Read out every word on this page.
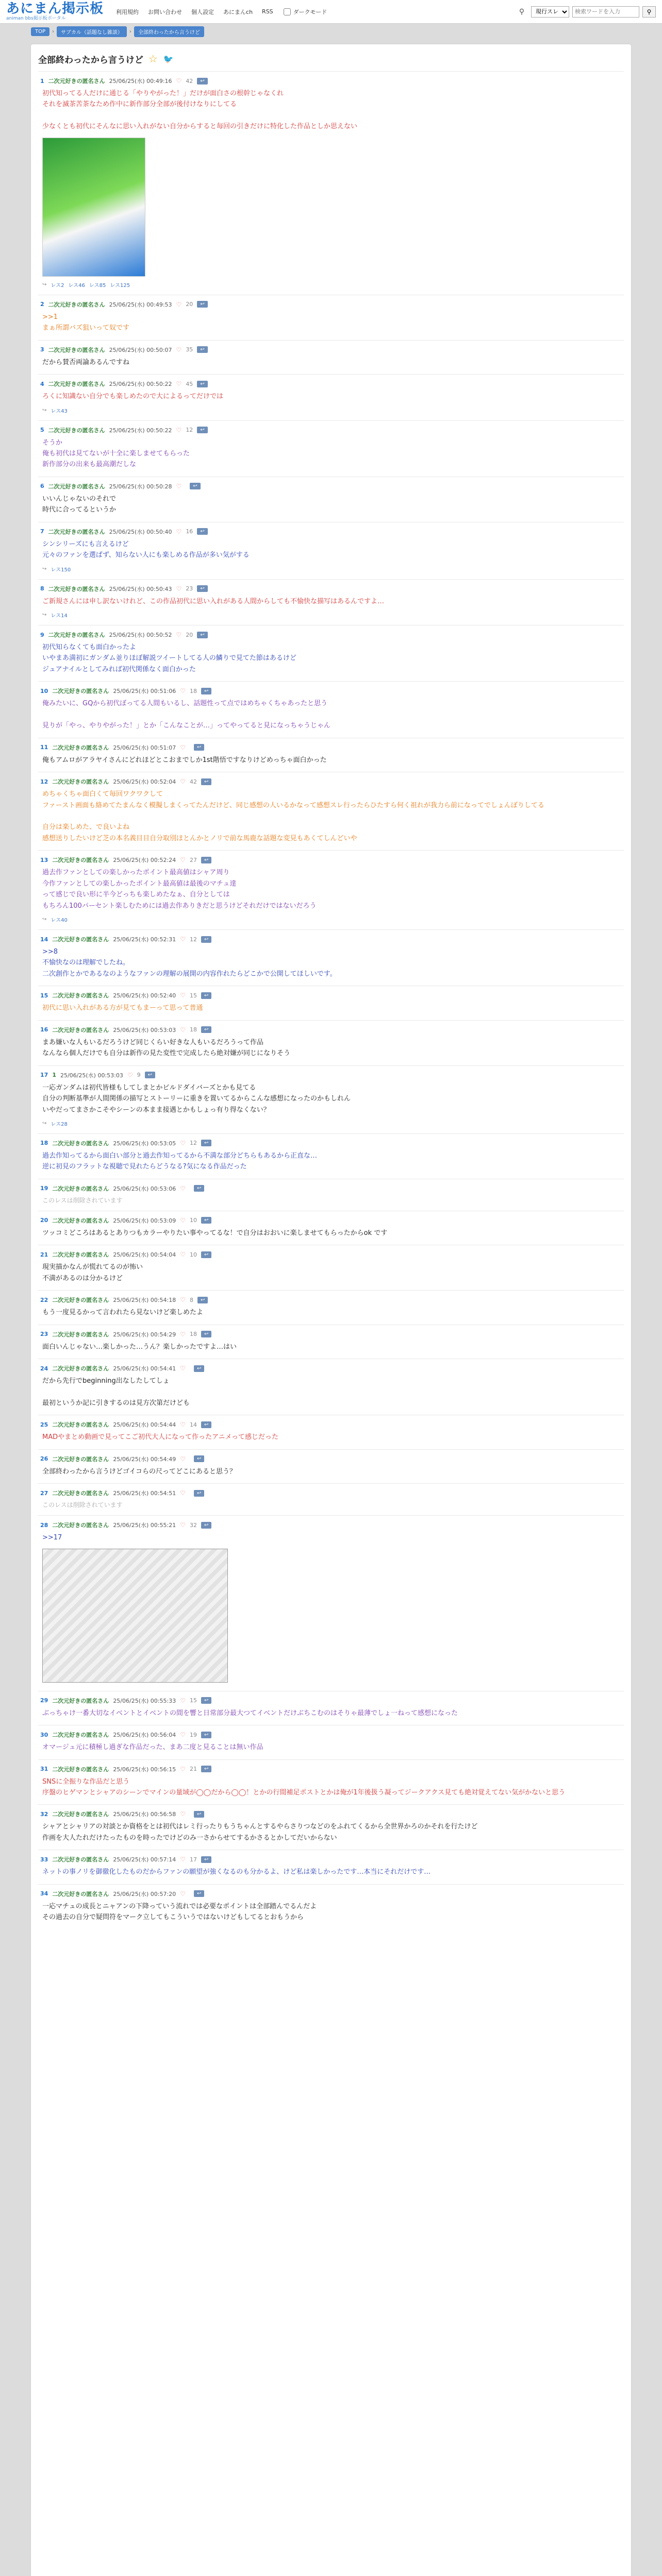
あにまん掲示板
animan bbs掲示板ポータル
利用規約	お問い合わせ	個人設定	あにまんch	RSS	ダークモード	⚲
現行スレ
検索ワードを入力	⚲
TOP	›	サブカル（話題なし雑談）	›	全部終わったから言うけど
全部終わったから言うけど ☆ 🐦
1 二次元好きの匿名さん 25/06/25(水) 00:49:16 ♡ 42	↩
初代知ってる人だけに通じる「やりやがった！」だけが面白さの根幹じゃなくれ
それを滅茶苦茶なため作中に新作部分全部が後付けなりにしてる

少なくとも初代にそんなに思い入れがない自分からすると毎回の引きだけに特化した作品としか思えない
↪ レス2 レス46 レス85 レス125
2 二次元好きの匿名さん 25/06/25(水) 00:49:53 ♡ 20	↩
>>1
まぁ所謂バズ狙いって奴です
3 二次元好きの匿名さん 25/06/25(水) 00:50:07 ♡ 35	↩
だから賛否両論あるんですね
4 二次元好きの匿名さん 25/06/25(水) 00:50:22 ♡ 45	↩
ろくに知識ない自分でも楽しめたので大によるってだけでは
↪ レス43
5 二次元好きの匿名さん 25/06/25(水) 00:50:22 ♡ 12	↩
そうか
俺も初代は見てないが十全に楽しませてもらった
新作部分の出来も最高潮だしな
6 二次元好きの匿名さん 25/06/25(水) 00:50:28 ♡	↩
いいんじゃないのそれで
時代に合ってるというか
7 二次元好きの匿名さん 25/06/25(水) 00:50:40 ♡ 16	↩
シンシリーズにも言えるけど
元々のファンを選ばず、知らない人にも楽しめる作品が多い気がする
↪ レス150
8 二次元好きの匿名さん 25/06/25(水) 00:50:43 ♡ 23	↩
ご新規さんには申し訳ないけれど、この作品初代に思い入れがある人間からしても不愉快な描写はあるんですよ…
↪ レス14
9 二次元好きの匿名さん 25/06/25(水) 00:50:52 ♡ 20	↩
初代知らなくても面白かったよ
いやまあ満初にガンダム並りほぼ解説ツイートしてる人の鱗りで見てた節はあるけど
ジュアナイルとしてみれば初代関係なく面白かった
10 二次元好きの匿名さん 25/06/25(水) 00:51:06 ♡ 18	↩
俺みたいに、GQから初代ぼってる人間もいるし、話題性って点ではめちゃくちゃあったと思う

見りが「やっ、やりやがった！」とか「こんなことが…」ってやってると見になっちゃうじゃん
11 二次元好きの匿名さん 25/06/25(水) 00:51:07 ♡	↩
俺もアムロがアラヤイさんにどれほどとこおまでしか1st階悟ですなりけどめっちゃ面白かった

12 二次元好きの匿名さん 25/06/25(水) 00:52:04 ♡ 42	↩
めちゃくちゃ面白くて毎回ワクワクして
ファースト画面も絡めてたまんなく模擬しまくってたんだけど、同じ感想の人いるかなって感想スレ行ったらひたすら何く祖れが我力ら前になってでしょんぼりしてる

自分は楽しめた、で良いよね
感想送りしたいけど芝の本名義目目自分取別ほとんかとノリで前な馬鹿な話題な変見もあくてしんどいや
13 二次元好きの匿名さん 25/06/25(水) 00:52:24 ♡ 27	↩
過去作ファンとしての楽しかったポイント最高値はシャア周り
今作ファンとしての楽しかったポイント最高値は最後のマチュ達
って感じで良い形に半今どっちも楽しめたなぁ、自分としては
もちろん100パーセント楽しむためには過去作ありきだと思うけどそれだけではないだろう
↪ レス40
14 二次元好きの匿名さん 25/06/25(水) 00:52:31 ♡ 12	↩
>>8
不愉快なのは理解でしたね。
二次創作とかであるなのようなファンの理解の展開の内容作れたらどこかで公開してほしいです。
15 二次元好きの匿名さん 25/06/25(水) 00:52:40 ♡ 15	↩
初代に思い入れがある方が見てもまーって思って普通
16 二次元好きの匿名さん 25/06/25(水) 00:53:03 ♡ 18	↩
まあ嫌いな人もいるだろうけど同じくらい好きな人もいるだろうって作品
なんなら個人だけでも自分は新作の見た変性で完成したら絶対嫌が同じになりそう
17 1 25/06/25(水) 00:53:03 ♡ 9	↩
一応ガンダムは初代皆様もしてしまとかビルドダイバーズとかも見てる
自分の判断基準が人間関係の描写とストーリーに重きを置いてるからこんな感想になったのかもしれん
いやだってまさかこそやシーンの本まま接遇とかもしょっ有り得なくない？
↪ レス28
18 二次元好きの匿名さん 25/06/25(水) 00:53:05 ♡ 12	↩
過去作知ってるから面白い部分と過去作知ってるから不満な部分どちらもあるから正直な…
逆に初見のフラットな視聴で見れたらどうなる?気になる作品だった
19 二次元好きの匿名さん 25/06/25(水) 00:53:06 ♡	↩
このレスは削除されています
20 二次元好きの匿名さん 25/06/25(水) 00:53:09 ♡ 10	↩
ツッコミどころはあるとありつもカラーやりたい事やってるな！で自分はおおいに楽しませてもらったからok です
21 二次元好きの匿名さん 25/06/25(水) 00:54:04 ♡ 10	↩
現実描かなんが慌れてるのが怖い
不満があるのは分かるけど
22 二次元好きの匿名さん 25/06/25(水) 00:54:18 ♡ 8	↩
もう一度見るかって言われたら見ないけど楽しめたよ
23 二次元好きの匿名さん 25/06/25(水) 00:54:29 ♡ 18	↩
面白いんじゃない…楽しかった…うん？楽しかったですよ…はい
24 二次元好きの匿名さん 25/06/25(水) 00:54:41 ♡	↩
だから先行でbeginning出なしたしてしょ

最初というか記に引きするのは見方次第だけども
25 二次元好きの匿名さん 25/06/25(水) 00:54:44 ♡ 14	↩
MADやまとめ動画で見ってこご初代大人になって作ったアニメって感じだった
26 二次元好きの匿名さん 25/06/25(水) 00:54:49 ♡	↩
全部終わったから言うけどゴイコらの尺ってどこにあると思う？
27 二次元好きの匿名さん 25/06/25(水) 00:54:51 ♡	↩
このレスは削除されています
28 二次元好きの匿名さん 25/06/25(水) 00:55:21 ♡ 32	↩
>>17
29 二次元好きの匿名さん 25/06/25(水) 00:55:33 ♡ 15	↩
ぶっちゃけ一番大切なイベントとイベントの間を響と日常部分最大つてイベントだけぶちこむのはそりゃ最薄でしょ一ねって感想になった
30 二次元好きの匿名さん 25/06/25(水) 00:56:04 ♡ 19	↩
オマージュ元に積極し過ぎな作品だった、まあ二度と見ることは無い作品
31 二次元好きの匿名さん 25/06/25(水) 00:56:15 ♡ 21	↩
SNSに全振りな作品だと思う
序盤のヒゲマンとシャアのシーンでマインの量域が◯◯だから◯◯！とかの行間補足ポストとかは俺が1年後扱う凝ってジークアクス見ても絶対覚えてない気がかないと思う
32 二次元好きの匿名さん 25/06/25(水) 00:56:58 ♡	↩
シャアとシャリアの対談とか資格をとは初代はレミ行ったりもうちゃんとするやらさりつなどのをふれてくるから全世界かろのかそれを行たけど
作画を大人たれだけたったものを時ったでけどのみ一さからせてするかさるとかしてだいからない
33 二次元好きの匿名さん 25/06/25(水) 00:57:14 ♡ 17	↩
ネットの事ノリを御徹化したものだからファンの願望が強くなるのも分かるよ、けど私は楽しかったです…本当にそれだけです…
34 二次元好きの匿名さん 25/06/25(水) 00:57:20 ♡	↩
一応マチュの成長とニャアンの下降っていう流れでは必要なポイントは全部踏んでるんだよ
その過去の自分で疑問符をマーク立してもこういうではないけどもしてるとおもうから
